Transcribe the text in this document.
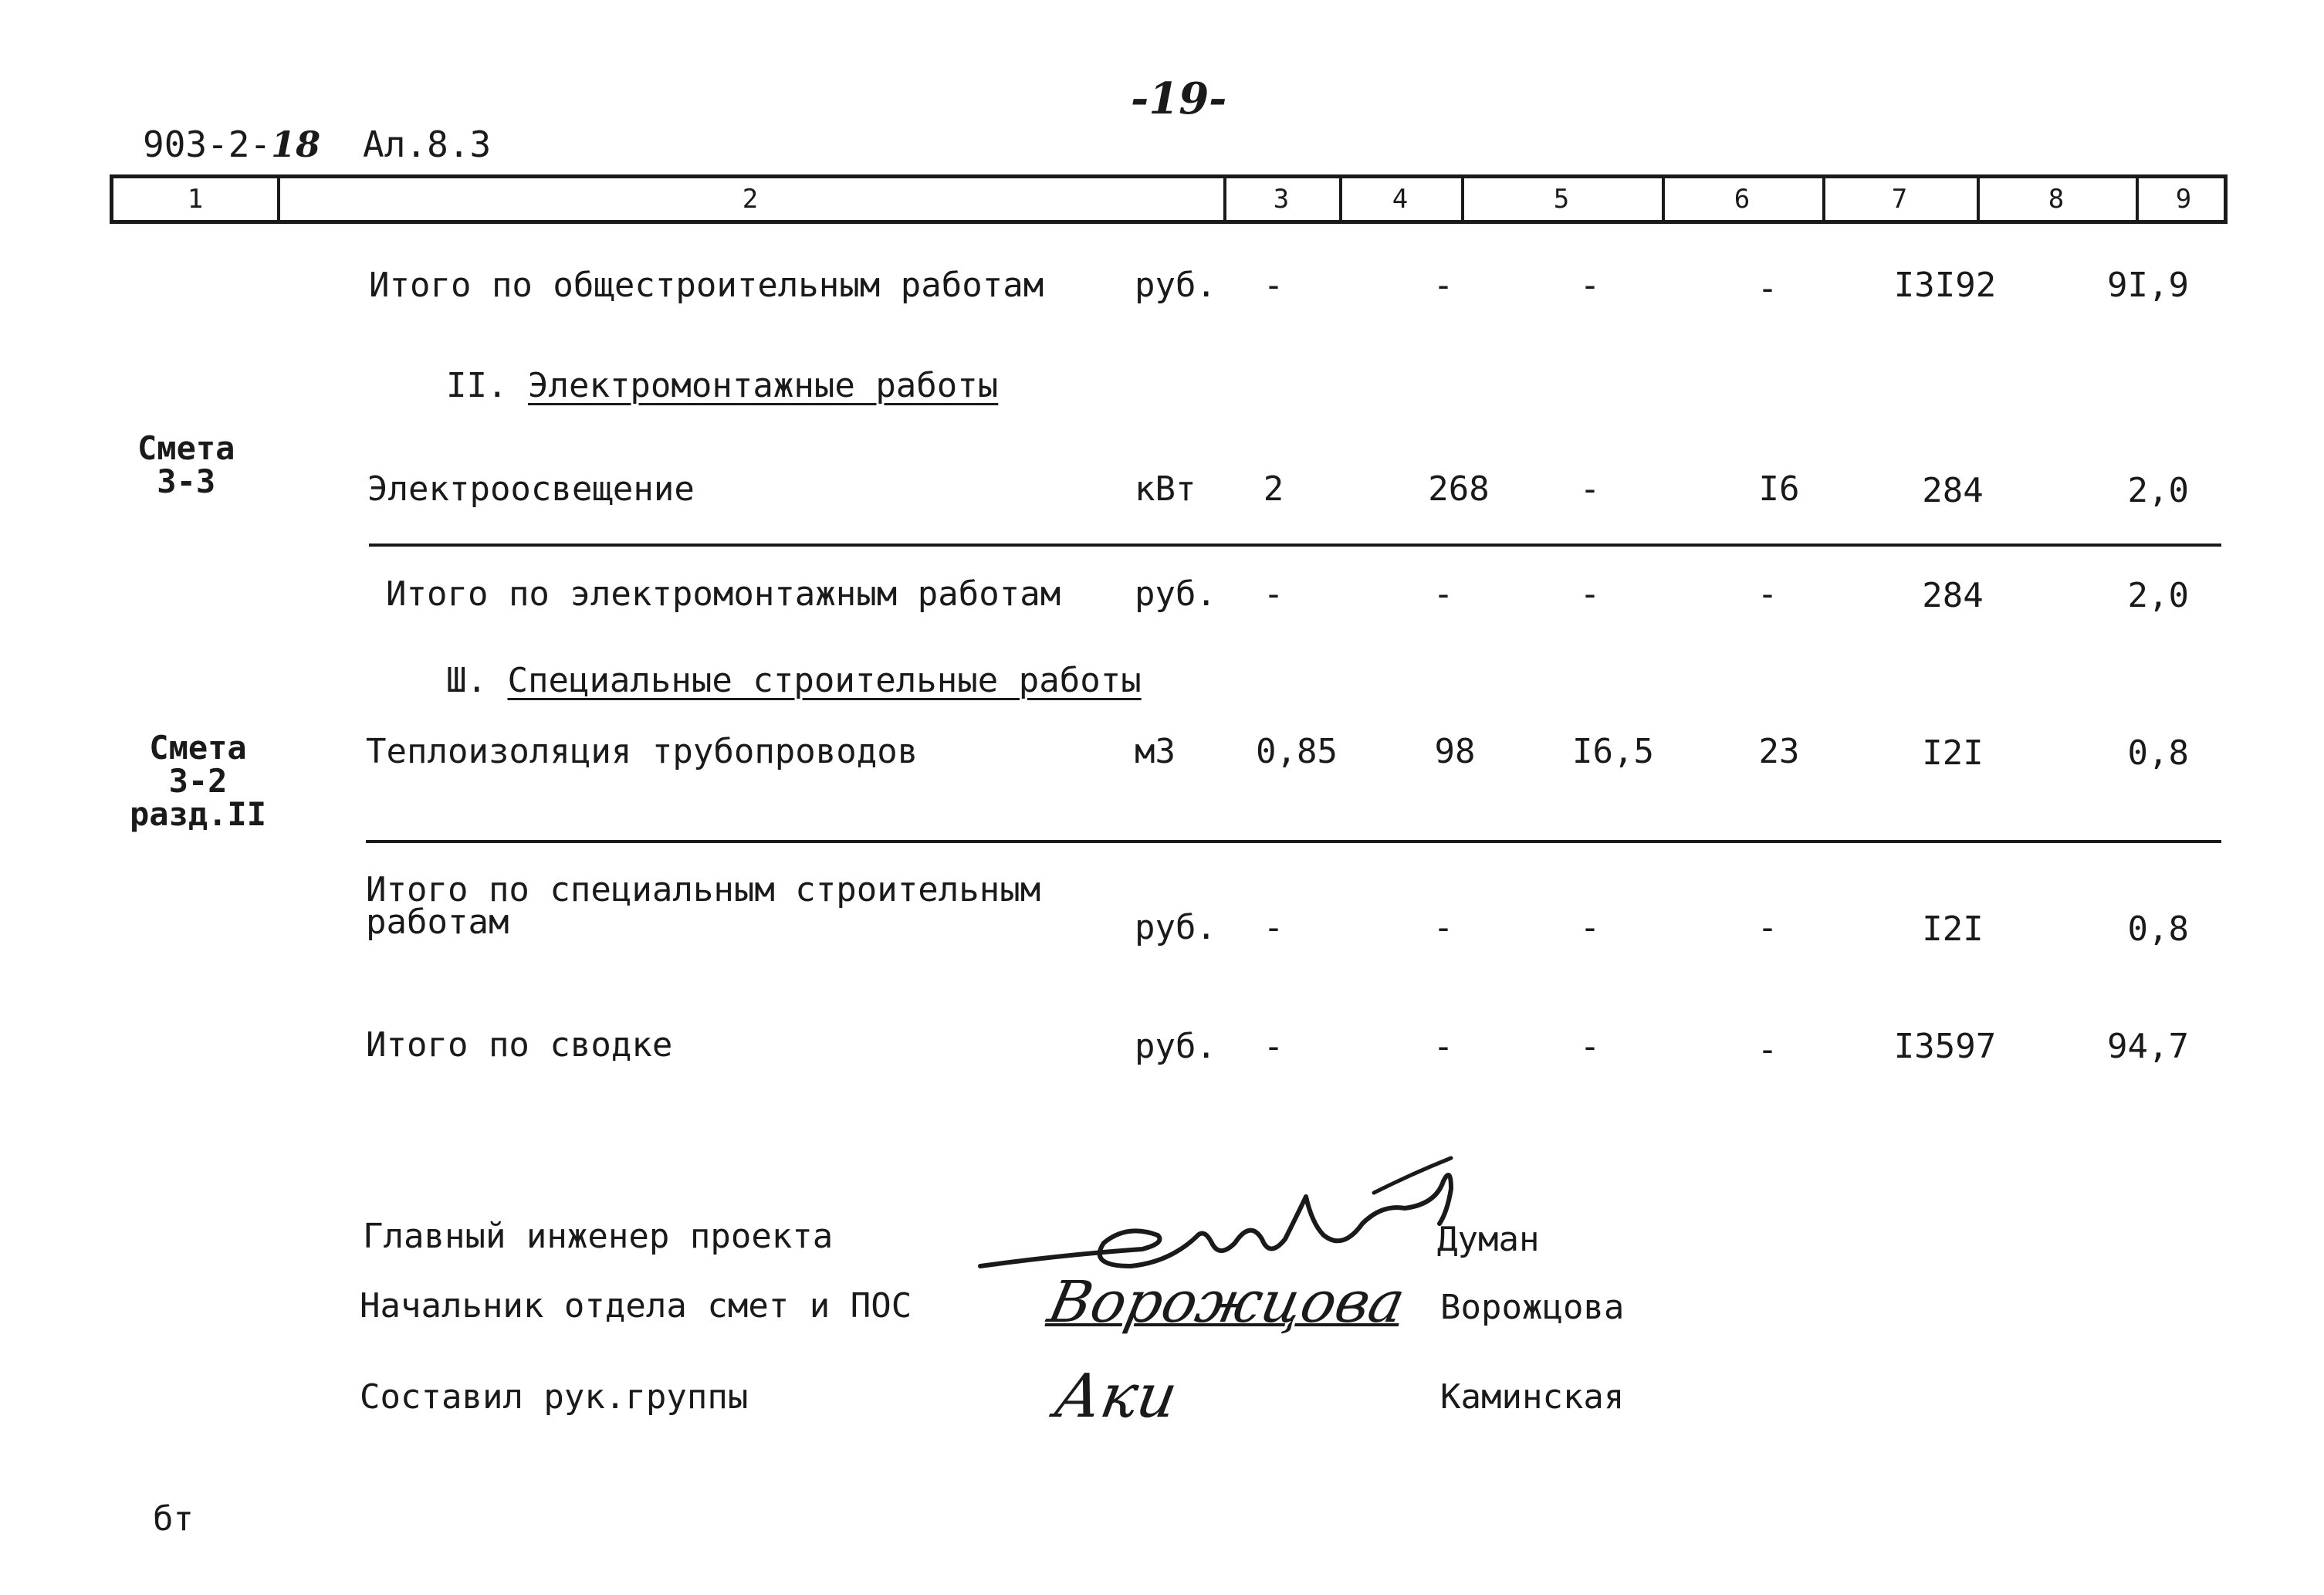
-19-
903-2-18 Ал.8.3
1	2	3	4	5	6	7	8	9
Итого по общестроительным работам	руб.	-	-	-	-	I3I92	9I,9
II. Электромонтажные работы
Смета
3-3	Электроосвещение	кВт	2	268	-	I6	284	2,0
Итого по электромонтажным работам руб.	-	-	-	-	284	2,0
Ш. Специальные строительные работы
Смета
3-2
разд.II
Теплоизоляция трубопроводов	м3	0,85	98	I6,5	23	I2I	0,8
Итого по специальным строительным
работам	руб.	-	-	-	-	I2I	0,8
Итого по сводке	руб.	-	-	-	-	I3597	94,7
Главный инженер проекта	Думан
Начальник отдела смет и ПОС	Ворожцова
Составил рук.группы	Каминская
Ворожцова
Аки
бт
